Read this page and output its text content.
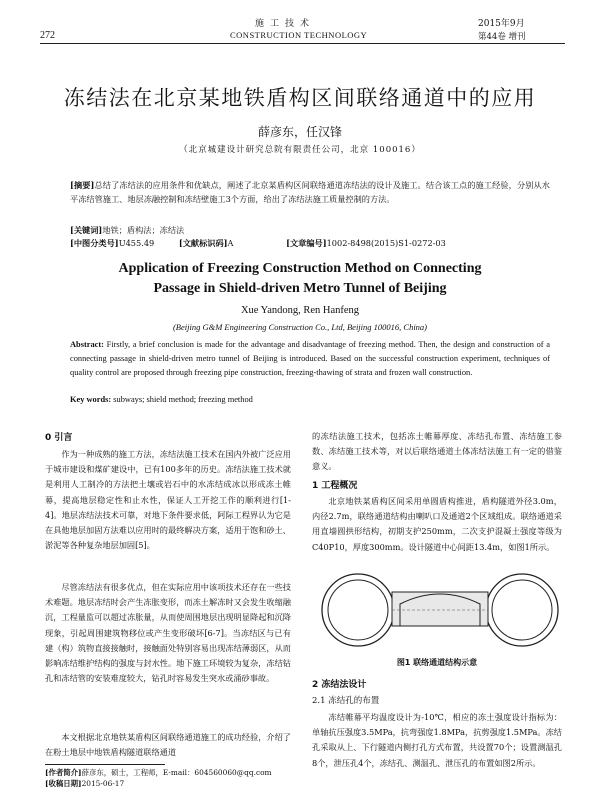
272
施工技术
CONSTRUCTION TECHNOLOGY
2015年9月
第44卷 增刊
冻结法在北京某地铁盾构区间联络通道中的应用
薛彦东，任汉锋
（北京城建设计研究总院有限责任公司，北京 100016）
[摘要]总结了冻结法的应用条件和优缺点，阐述了北京某盾构区间联络通道冻结法的设计及施工。结合该工点的施工经验，分别从水平冻结管施工、地层冻融控制和冻结壁施工3个方面，给出了冻结法施工质量控制的方法。
[关键词]地铁；盾构法；冻结法
[中图分类号]U455.49	[文献标识码]A	[文章编号]1002-8498(2015)S1-0272-03
Application of Freezing Construction Method on Connecting Passage in Shield-driven Metro Tunnel of Beijing
Xue Yandong, Ren Hanfeng
(Beijing G&M Engineering Construction Co., Ltd, Beijing 100016, China)
Abstract: Firstly, a brief conclusion is made for the advantage and disadvantage of freezing method. Then, the design and construction of a connecting passage in shield-driven metro tunnel of Beijing is introduced. Based on the successful construction experiment, techniques of quality control are proposed through freezing pipe construction, freezing-thawing of strata and frozen wall construction.
Key words: subways; shield method; freezing method
0 引言
作为一种成熟的施工方法，冻结法施工技术在国内外被广泛应用于城市建设和煤矿建设中，已有100多年的历史。冻结法施工技术就是利用人工制冷的方法把土壤或岩石中的水冻结成冰以形成冻土帷幕，提高地层稳定性和止水性，保证人工开挖工作的顺利进行[1-4]。地层冻结法技术可靠，对地下条件要求低，阿际工程界认为它是在具他地层加固方法难以应用时的最终解决方案，适用于饱和砂土、淤泥等各种复杂地层加固[5]。
尽管冻结法有很多优点，但在实际应用中该项技术还存在一些技术难题。地层冻结时会产生冻胀变形，而冻土解冻时又会发生收缩融沉，工程量监可以超过冻胀量，从而使周围地层出现明显降起和沉降现象，引起周围建筑物移位或产生变形破坏[6-7]。当冻结区与已有建（构）筑物直接接触时，接触面处特别容易出现冻结薄弱区，从而影响冻结维护结构的强度与封水性。地下施工环境较为复杂，冻结钻孔和冻结管的安装难度较大，钻孔时容易发生突水或涌砂事故。
本文根据北京地铁某盾构区间联络通道施工的成功经验，介绍了在粉土地层中地铁盾构隧道联络通道
[作者简介]薛彦东，硕士，工程师，E-mail：604560060@qq.com
[收稿日期]2015-06-17
的冻结法施工技术，包括冻土帷幕厚度、冻结孔布置、冻结施工参数、冻结施工技术等，对以后联络通道土体冻结法施工有一定的借鉴意义。
1 工程概况
北京地铁某盾构区间采用单圆盾构推进，盾构隧道外径3.0m，内径2.7m，联络通道结构由喇叭口及通道2个区域组成。联络通道采用直墙圆拱形结构，初期支护250mm，二次支护混凝土强度等级为C40P10，厚度300mm。设计隧道中心间距13.4m，如图1所示。
图1 联络通道结构示意
2 冻结法设计
2.1 冻结孔的布置
冻结帷幕平均温度设计为-10℃，相应的冻土强度设计指标为：单轴抗压强度3.5MPa，抗弯强度1.8MPa，抗剪强度1.5MPa。冻结孔采取从上、下行隧道内侧打孔方式布置，共设置70个；设置测温孔8个，泄压孔4个，冻结孔、测温孔、泄压孔的布置如图2所示。
